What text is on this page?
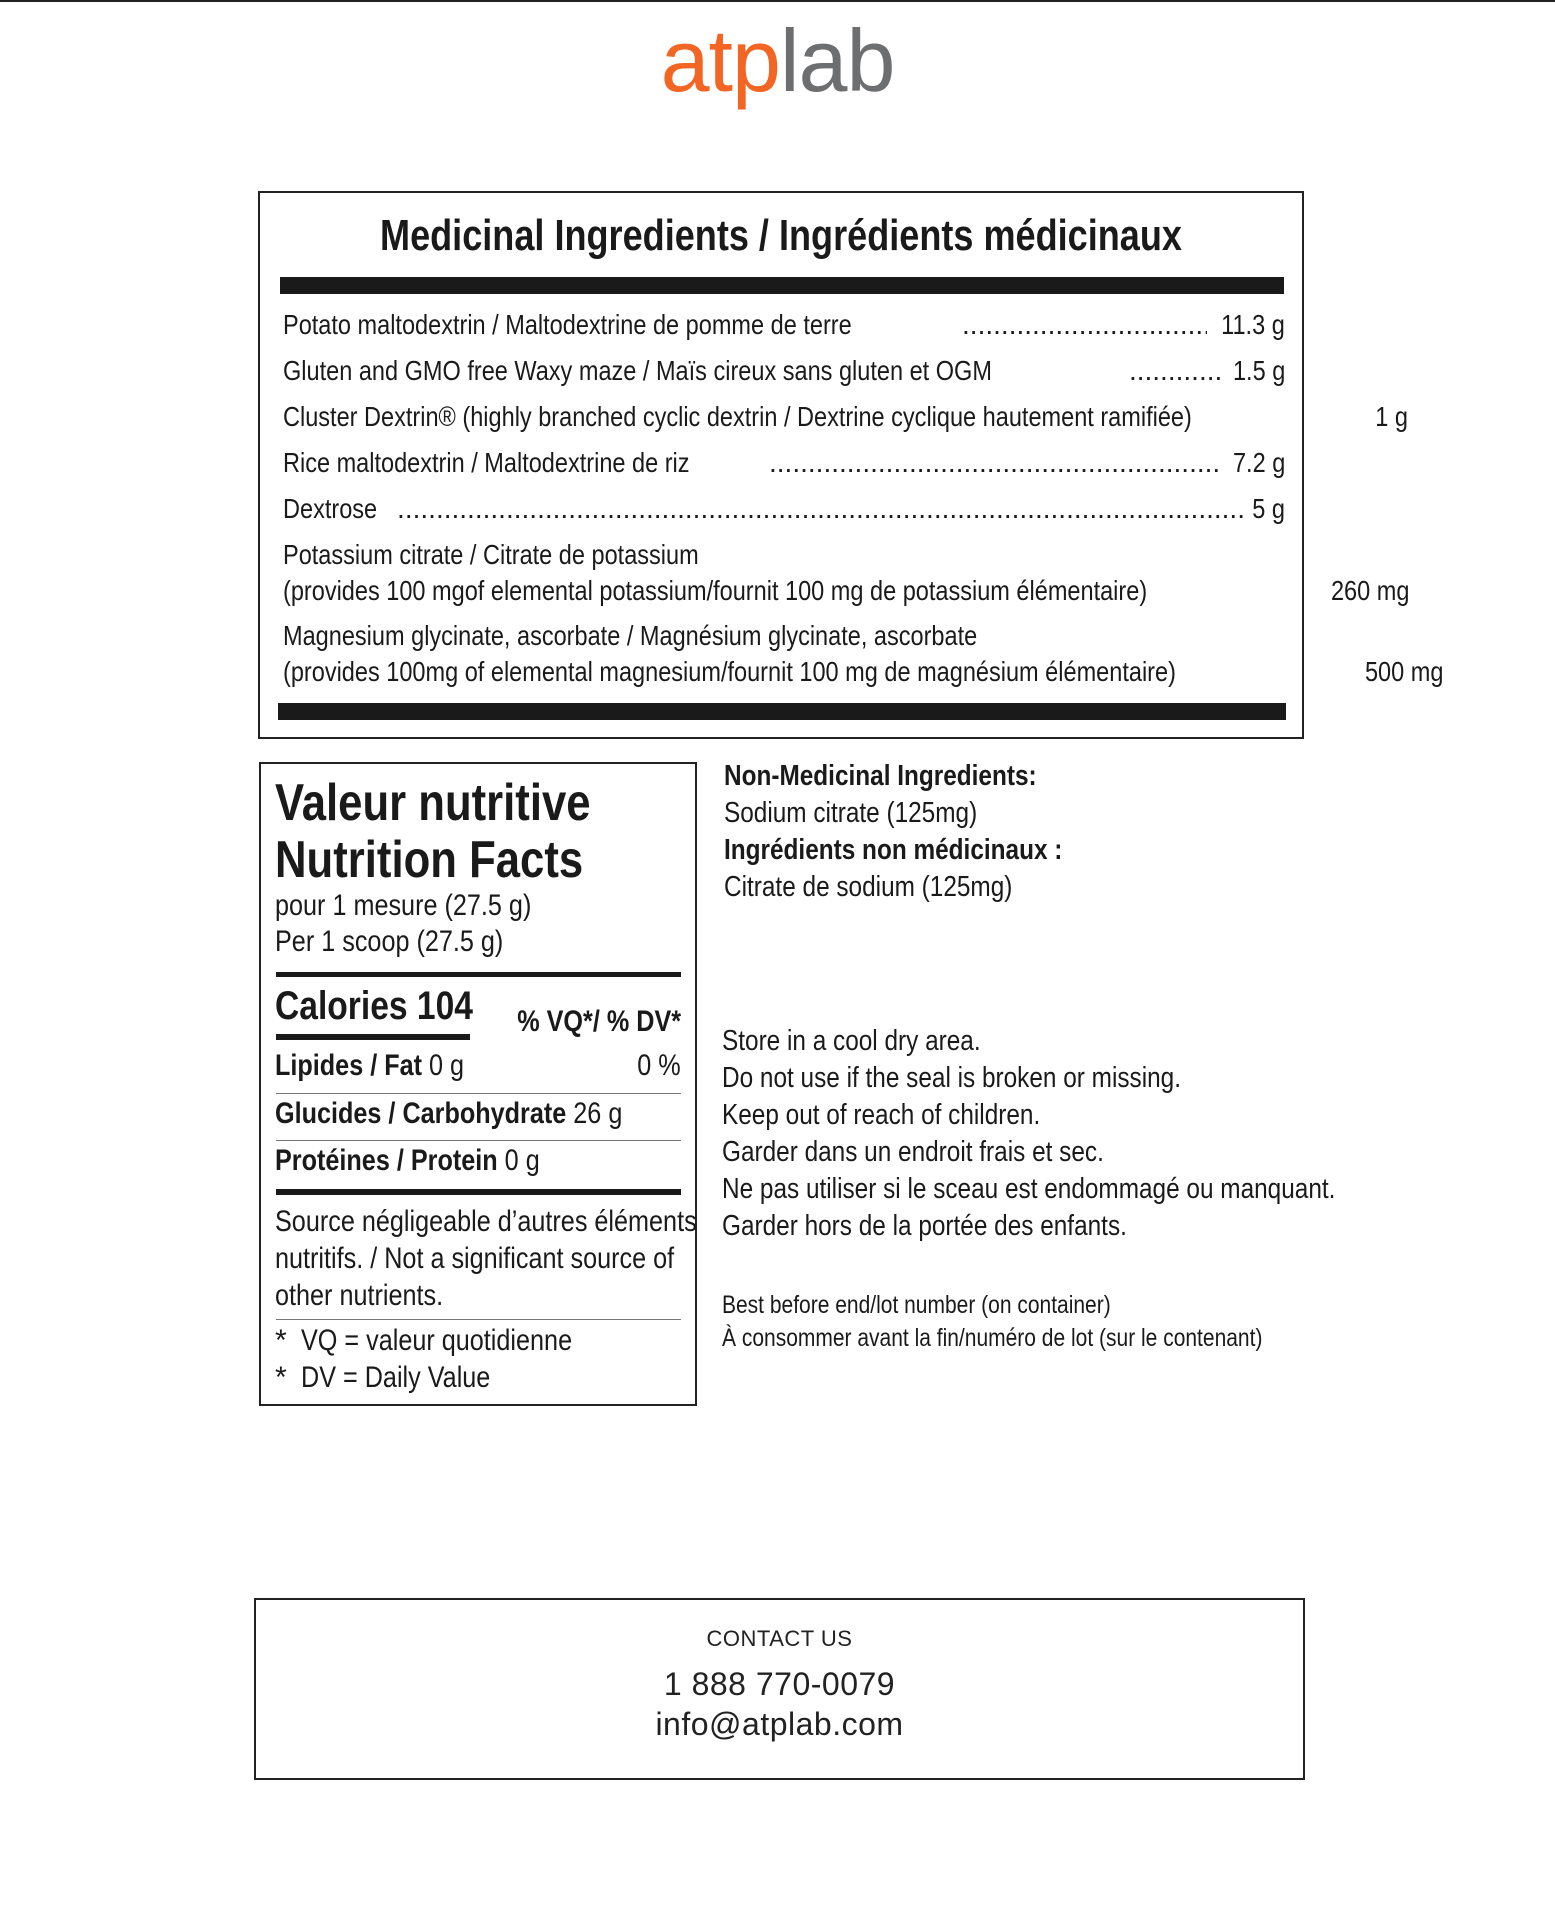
atplab
Medicinal Ingredients / Ingrédients médicinaux
Potato maltodextrin / Maltodextrine de pomme de terre .....	11.3 g
Gluten and GMO free Waxy maze / Maïs cireux sans gluten et OGM .....	1.5 g
Cluster Dextrin® (highly branched cyclic dextrin / Dextrine cyclique hautement ramifiée)	1 g
Rice maltodextrin / Maltodextrine de riz .....	7.2 g
Dextrose .....	5 g
Potassium citrate / Citrate de potassium
(provides 100 mgof elemental potassium/fournit 100 mg de potassium élémentaire)	260 mg
Magnesium glycinate, ascorbate / Magnésium glycinate, ascorbate
(provides 100mg of elemental magnesium/fournit 100 mg de magnésium élémentaire)	500 mg
Valeur nutritive
Nutrition Facts
pour 1 mesure (27.5 g)
Per 1 scoop (27.5 g)
Calories 104	% VQ*/ % DV*
Lipides / Fat 0 g	0 %
Glucides / Carbohydrate 26 g
Protéines / Protein 0 g
Source négligeable d’autres éléments
nutritifs. / Not a significant source of
other nutrients.
* VQ = valeur quotidienne
* DV = Daily Value
Non-Medicinal Ingredients:
Sodium citrate (125mg)
Ingrédients non médicinaux :
Citrate de sodium (125mg)
Store in a cool dry area.
Do not use if the seal is broken or missing.
Keep out of reach of children.
Garder dans un endroit frais et sec.
Ne pas utiliser si le sceau est endommagé ou manquant.
Garder hors de la portée des enfants.
Best before end/lot number (on container)
À consommer avant la fin/numéro de lot (sur le contenant)
CONTACT US
1 888 770-0079
info@atplab.com
